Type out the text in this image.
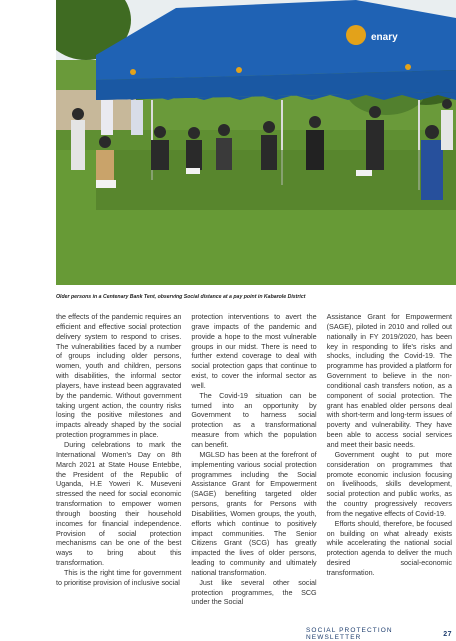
enary
Older persons in a Centenary Bank Tent, observing Social distance at a pay point in Kabarole District

the effects of the pandemic requires an efficient and effective social protection delivery system to respond to crises. The vulnerabilities faced by a number of groups including older persons, women, youth and children, persons with disabilities, the informal sector players, have instead been aggravated by the pandemic. Without government taking urgent action, the country risks losing the positive milestones and impacts already shaped by the social protection programmes in place.

During celebrations to mark the International Women's Day on 8th March 2021 at State House Entebbe, the President of the Republic of Uganda, H.E Yoweri K. Museveni stressed the need for social economic transformation to empower women through boosting their household incomes for financial independence. Provision of social protection mechanisms can be one of the best ways to bring about this transformation.

This is the right time for government to prioritise provision of inclusive social

protection interventions to avert the grave impacts of the pandemic and provide a hope to the most vulnerable groups in our midst. There is need to further extend coverage to deal with social protection gaps that continue to exist, to cover the informal sector as well.

The Covid-19 situation can be turned into an opportunity by Government to harness social protection as a transformational measure from which the population can benefit.

MGLSD has been at the forefront of implementing various social protection programmes including the Social Assistance Grant for Empowerment (SAGE) benefiting targeted older persons, grants for Persons with Disabilities, Women groups, the youth, efforts which continue to positively impact communities. The Senior Citizens Grant (SCG) has greatly impacted the lives of older persons, leading to community and ultimately national transformation.

Just like several other social protection programmes, the SCG under the Social

Assistance Grant for Empowerment (SAGE), piloted in 2010 and rolled out nationally in FY 2019/2020, has been key in responding to life's risks and shocks, including the Covid-19. The programme has provided a platform for Government to believe in the non-conditional cash transfers notion, as a component of social protection. The grant has enabled older persons deal with short-term and long-term issues of poverty and vulnerability. They have been able to access social services and meet their basic needs.

Government ought to put more consideration on programmes that promote economic inclusion focusing on livelihoods, skills development, social protection and public works, as the country progressively recovers from the negative effects of Covid-19.

Efforts should, therefore, be focused on building on what already exists while accelerating the national social protection agenda to deliver the much desired social-economic transformation.

SOCIAL PROTECTION NEWSLETTER	27
